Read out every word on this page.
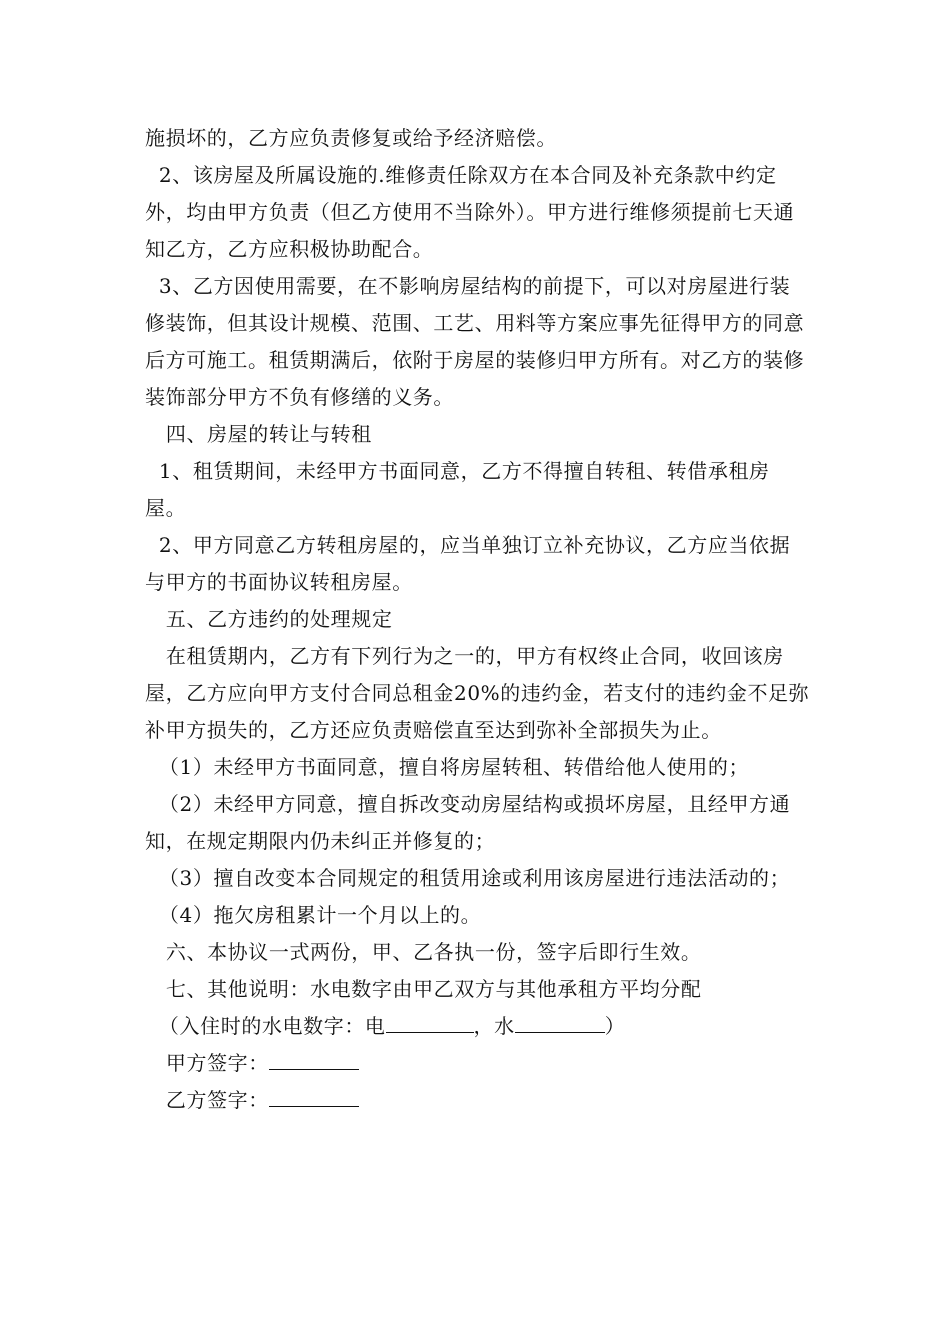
施损坏的，乙方应负责修复或给予经济赔偿。

2、该房屋及所属设施的.维修责任除双方在本合同及补充条款中约定外，均由甲方负责（但乙方使用不当除外）。甲方进行维修须提前七天通知乙方，乙方应积极协助配合。

3、乙方因使用需要，在不影响房屋结构的前提下，可以对房屋进行装修装饰，但其设计规模、范围、工艺、用料等方案应事先征得甲方的同意后方可施工。租赁期满后，依附于房屋的装修归甲方所有。对乙方的装修装饰部分甲方不负有修缮的义务。

四、房屋的转让与转租

1、租赁期间，未经甲方书面同意，乙方不得擅自转租、转借承租房屋。

2、甲方同意乙方转租房屋的，应当单独订立补充协议，乙方应当依据与甲方的书面协议转租房屋。

五、乙方违约的处理规定

在租赁期内，乙方有下列行为之一的，甲方有权终止合同，收回该房屋，乙方应向甲方支付合同总租金20%的违约金，若支付的违约金不足弥补甲方损失的，乙方还应负责赔偿直至达到弥补全部损失为止。

（1）未经甲方书面同意，擅自将房屋转租、转借给他人使用的；

（2）未经甲方同意，擅自拆改变动房屋结构或损坏房屋，且经甲方通知，在规定期限内仍未纠正并修复的；

（3）擅自改变本合同规定的租赁用途或利用该房屋进行违法活动的；

（4）拖欠房租累计一个月以上的。

六、本协议一式两份，甲、乙各执一份，签字后即行生效。

七、其他说明：水电数字由甲乙双方与其他承租方平均分配

（入住时的水电数字：电	，水	）

甲方签字：

乙方签字：
